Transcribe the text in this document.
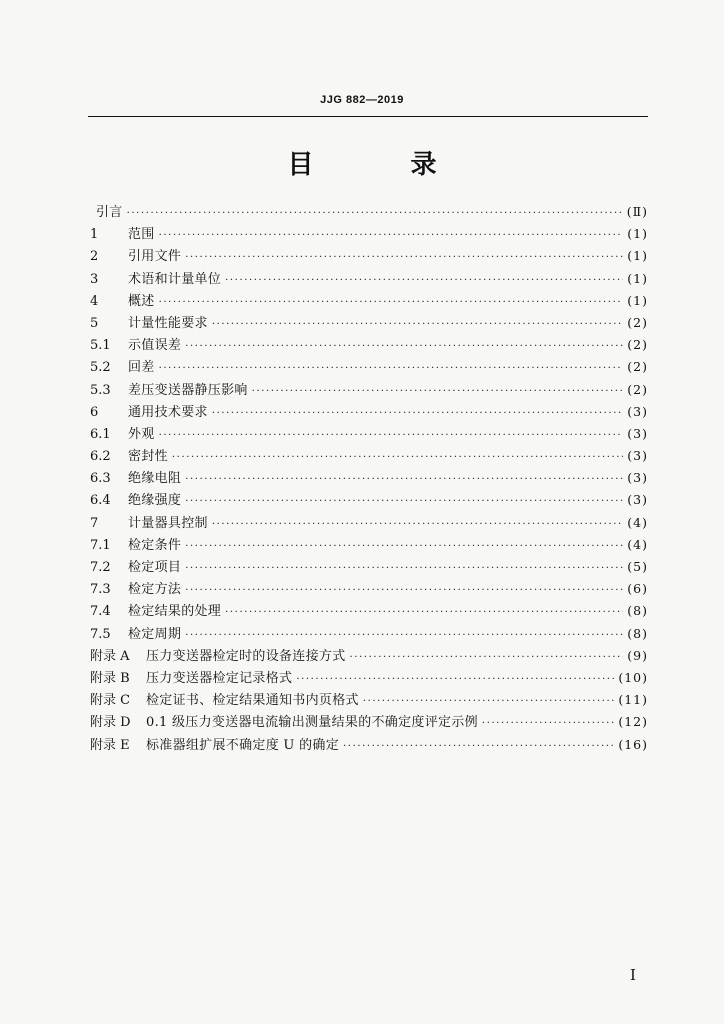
JJG 882—2019
目 录
引言 ·····	(Ⅱ)
1	范围 ·····	(1)
2	引用文件 ·····	(1)
3	术语和计量单位 ·····	(1)
4	概述 ·····	(1)
5	计量性能要求 ·····	(2)
5.1	示值误差 ·····	(2)
5.2	回差 ·····	(2)
5.3	差压变送器静压影响 ·····	(2)
6	通用技术要求 ·····	(3)
6.1	外观 ·····	(3)
6.2	密封性 ·····	(3)
6.3	绝缘电阻 ·····	(3)
6.4	绝缘强度 ·····	(3)
7	计量器具控制 ·····	(4)
7.1	检定条件 ·····	(4)
7.2	检定项目 ·····	(5)
7.3	检定方法 ·····	(6)
7.4	检定结果的处理 ·····	(8)
7.5	检定周期 ·····	(8)
附录 A	压力变送器检定时的设备连接方式 ·····	(9)
附录 B	压力变送器检定记录格式 ·····	(10)
附录 C	检定证书、检定结果通知书内页格式 ·····	(11)
附录 D	0.1 级压力变送器电流输出测量结果的不确定度评定示例 ·····	(12)
附录 E	标准器组扩展不确定度 U 的确定 ·····	(16)
I
